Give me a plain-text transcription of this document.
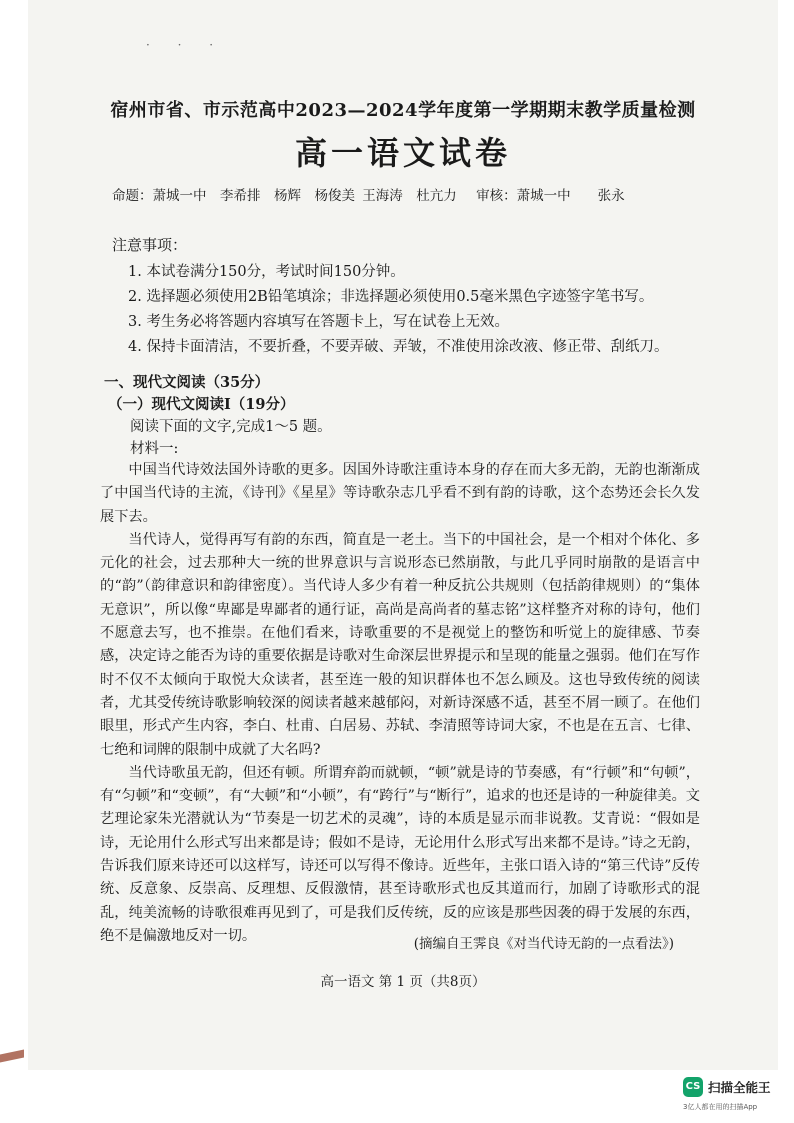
· · ·
宿州市省、市示范高中2023—2024学年度第一学期期末教学质量检测
高一语文试卷
命题：萧城一中　李希排　杨辉　杨俊美 王海涛　杜亢力 审核：萧城一中　　张永
注意事项：
1. 本试卷满分150分，考试时间150分钟。
2. 选择题必须使用2B铅笔填涂；非选择题必须使用0.5毫米黑色字迹签字笔书写。
3. 考生务必将答题内容填写在答题卡上，写在试卷上无效。
4. 保持卡面清洁，不要折叠，不要弄破、弄皱，不准使用涂改液、修正带、刮纸刀。
一、现代文阅读（35分）
（一）现代文阅读Ⅰ（19分）
阅读下面的文字,完成1～5 题。
材料一:

中国当代诗效法国外诗歌的更多。因国外诗歌注重诗本身的存在而大多无韵，无韵也渐渐成了中国当代诗的主流，《诗刊》《星星》等诗歌杂志几乎看不到有韵的诗歌，这个态势还会长久发展下去。

当代诗人，觉得再写有韵的东西，简直是一老土。当下的中国社会，是一个相对个体化、多元化的社会，过去那种大一统的世界意识与言说形态已然崩散，与此几乎同时崩散的是语言中的“韵”（韵律意识和韵律密度）。当代诗人多少有着一种反抗公共规则（包括韵律规则）的“集体无意识”，所以像“卑鄙是卑鄙者的通行证，高尚是高尚者的墓志铭”这样整齐对称的诗句，他们不愿意去写，也不推崇。在他们看来，诗歌重要的不是视觉上的整饬和听觉上的旋律感、节奏感，决定诗之能否为诗的重要依据是诗歌对生命深层世界提示和呈现的能量之强弱。他们在写作时不仅不太倾向于取悦大众读者，甚至连一般的知识群体也不怎么顾及。这也导致传统的阅读者，尤其受传统诗歌影响较深的阅读者越来越郁闷，对新诗深感不适，甚至不屑一顾了。在他们眼里，形式产生内容，李白、杜甫、白居易、苏轼、李清照等诗词大家，不也是在五言、七律、七绝和词牌的限制中成就了大名吗?

当代诗歌虽无韵，但还有顿。所谓弃韵而就顿，“顿”就是诗的节奏感，有“行顿”和“句顿”，有“匀顿”和“变顿”，有“大顿”和“小顿”，有“跨行”与“断行”，追求的也还是诗的一种旋律美。文艺理论家朱光潜就认为“节奏是一切艺术的灵魂”，诗的本质是显示而非说教。艾青说：“假如是诗，无论用什么形式写出来都是诗；假如不是诗，无论用什么形式写出来都不是诗。”诗之无韵，告诉我们原来诗还可以这样写，诗还可以写得不像诗。近些年，主张口语入诗的“第三代诗”反传统、反意象、反崇高、反理想、反假激情，甚至诗歌形式也反其道而行，加剧了诗歌形式的混乱，纯美流畅的诗歌很难再见到了，可是我们反传统，反的应该是那些因袭的碍于发展的东西，绝不是偏激地反对一切。

(摘编自王霁良《对当代诗无韵的一点看法》)
高一语文 第 1 页（共8页）
CS 扫描全能王
3亿人都在用的扫描App
